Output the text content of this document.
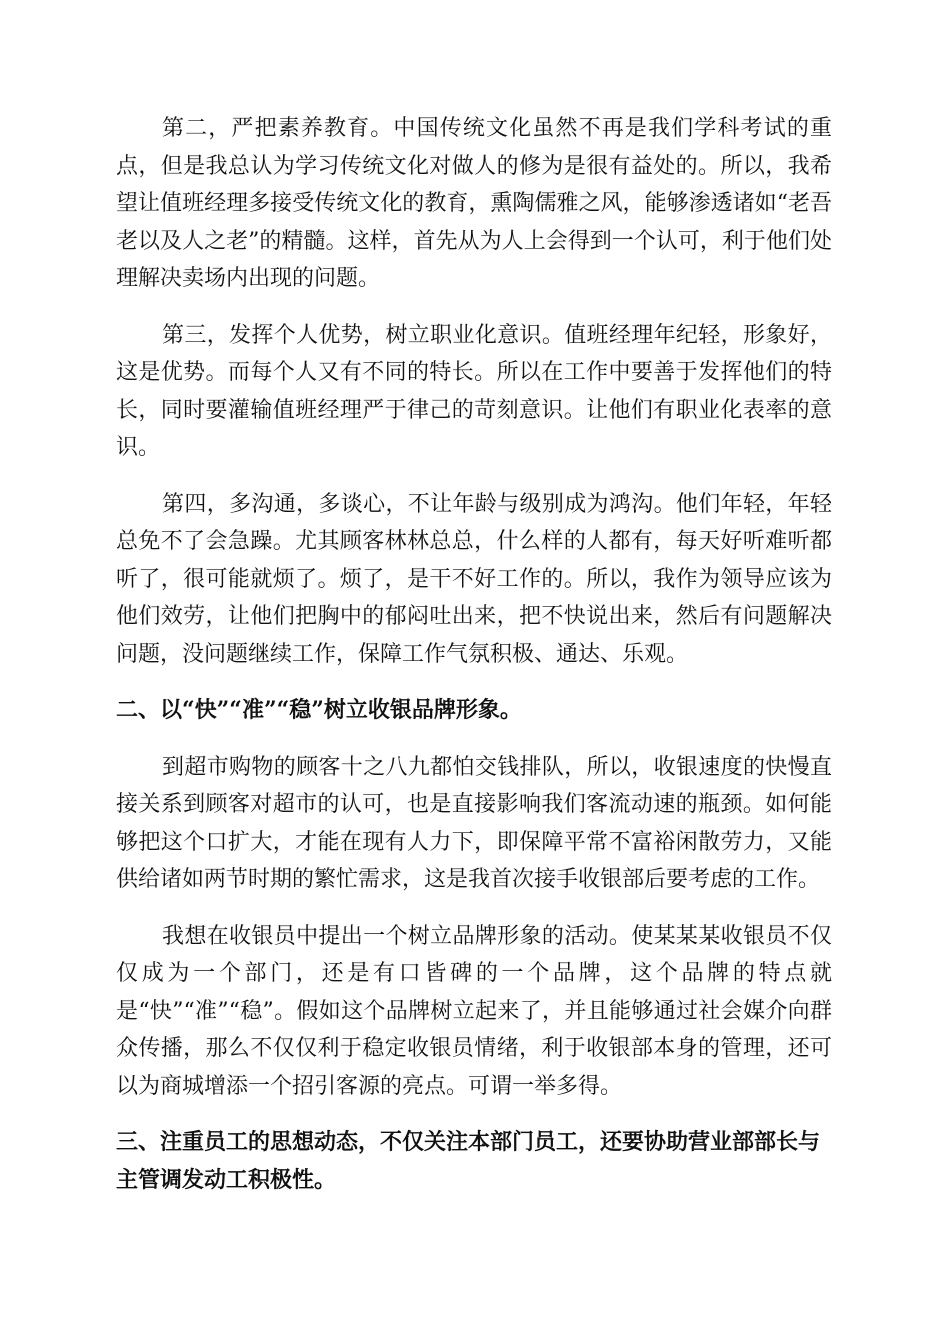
第二，严把素养教育。中国传统文化虽然不再是我们学科考试的重点，但是我总认为学习传统文化对做人的修为是很有益处的。所以，我希望让值班经理多接受传统文化的教育，熏陶儒雅之风，能够渗透诸如“老吾老以及人之老”的精髓。这样，首先从为人上会得到一个认可，利于他们处理解决卖场内出现的问题。

第三，发挥个人优势，树立职业化意识。值班经理年纪轻，形象好，这是优势。而每个人又有不同的特长。所以在工作中要善于发挥他们的特长，同时要灌输值班经理严于律己的苛刻意识。让他们有职业化表率的意识。

第四，多沟通，多谈心，不让年龄与级别成为鸿沟。他们年轻，年轻总免不了会急躁。尤其顾客林林总总，什么样的人都有，每天好听难听都听了，很可能就烦了。烦了，是干不好工作的。所以，我作为领导应该为他们效劳，让他们把胸中的郁闷吐出来，把不快说出来，然后有问题解决问题，没问题继续工作，保障工作气氛积极、通达、乐观。

二、以“快”“准”“稳”树立收银品牌形象。

到超市购物的顾客十之八九都怕交钱排队，所以，收银速度的快慢直接关系到顾客对超市的认可，也是直接影响我们客流动速的瓶颈。如何能够把这个口扩大，才能在现有人力下，即保障平常不富裕闲散劳力，又能供给诸如两节时期的繁忙需求，这是我首次接手收银部后要考虑的工作。

我想在收银员中提出一个树立品牌形象的活动。使某某某收银员不仅仅成为一个部门，还是有口皆碑的一个品牌，这个品牌的特点就是“快”“准”“稳”。假如这个品牌树立起来了，并且能够通过社会媒介向群众传播，那么不仅仅利于稳定收银员情绪，利于收银部本身的管理，还可以为商城增添一个招引客源的亮点。可谓一举多得。

三、注重员工的思想动态，不仅关注本部门员工，还要协助营业部部长与主管调发动工积极性。
